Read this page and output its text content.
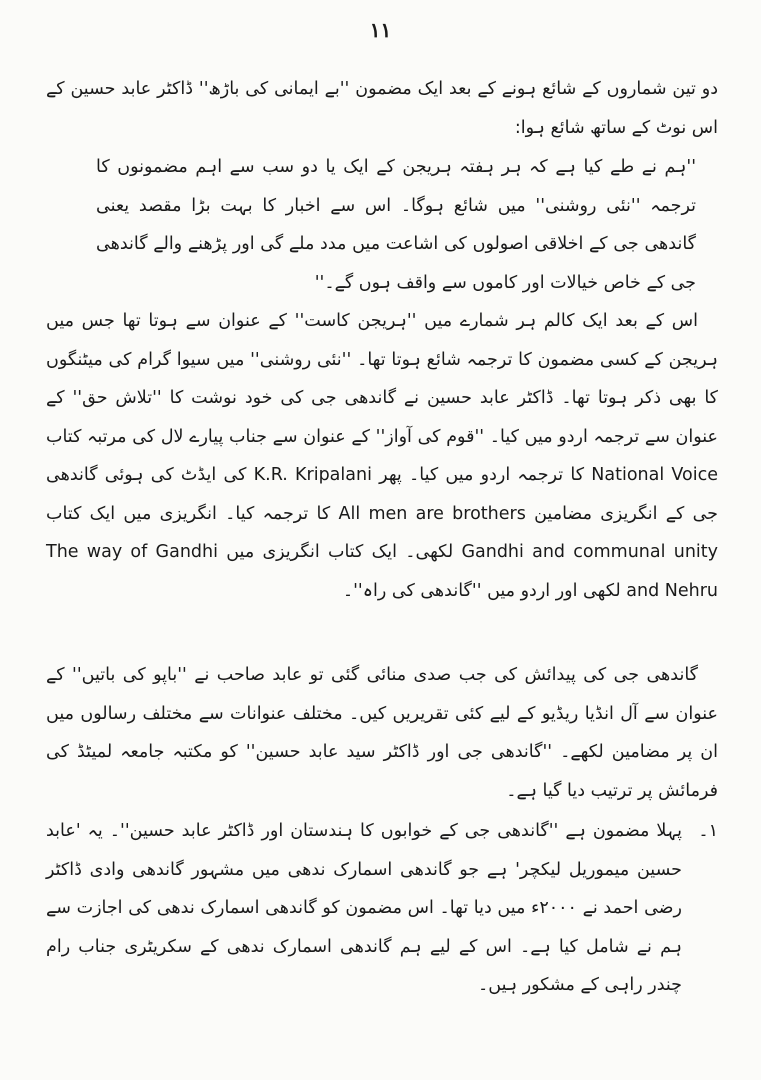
۱۱

دو تین شماروں کے شائع ہونے کے بعد ایک مضمون ''بے ایمانی کی باڑھ'' ڈاکٹر عابد حسین کے اس نوٹ کے ساتھ شائع ہوا:

''ہم نے طے کیا ہے کہ ہر ہفتہ ہریجن کے ایک یا دو سب سے اہم مضمونوں کا ترجمہ ''نئی روشنی'' میں شائع ہوگا۔ اس سے اخبار کا بہت بڑا مقصد یعنی گاندھی جی کے اخلاقی اصولوں کی اشاعت میں مدد ملے گی اور پڑھنے والے گاندھی جی کے خاص خیالات اور کاموں سے واقف ہوں گے۔''

اس کے بعد ایک کالم ہر شمارے میں ''ہریجن کاست'' کے عنوان سے ہوتا تھا جس میں ہریجن کے کسی مضمون کا ترجمہ شائع ہوتا تھا۔ ''نئی روشنی'' میں سیوا گرام کی میٹنگوں کا بھی ذکر ہوتا تھا۔ ڈاکٹر عابد حسین نے گاندھی جی کی خود نوشت کا ''تلاش حق'' کے عنوان سے ترجمہ اردو میں کیا۔ ''قوم کی آواز'' کے عنوان سے جناب پیارے لال کی مرتبہ کتاب National Voice کا ترجمہ اردو میں کیا۔ پھر K.R. Kripalani کی ایڈٹ کی ہوئی گاندھی جی کے انگریزی مضامین All men are brothers کا ترجمہ کیا۔ انگریزی میں ایک کتاب Gandhi and communal unity لکھی۔ ایک کتاب انگریزی میں The way of Gandhi and Nehru لکھی اور اردو میں ''گاندھی کی راہ''۔

گاندھی جی کی پیدائش کی جب صدی منائی گئی تو عابد صاحب نے ''باپو کی باتیں'' کے عنوان سے آل انڈیا ریڈیو کے لیے کئی تقریریں کیں۔ مختلف عنوانات سے مختلف رسالوں میں ان پر مضامین لکھے۔ ''گاندھی جی اور ڈاکٹر سید عابد حسین'' کو مکتبہ جامعہ لمیٹڈ کی فرمائش پر ترتیب دیا گیا ہے۔

۱۔

پہلا مضمون ہے ''گاندھی جی کے خوابوں کا ہندستان اور ڈاکٹر عابد حسین''۔ یہ 'عابد حسین میموریل لیکچر' ہے جو گاندھی اسمارک ندھی میں مشہور گاندھی وادی ڈاکٹر رضی احمد نے ۲۰۰۰ء میں دیا تھا۔ اس مضمون کو گاندھی اسمارک ندھی کی اجازت سے ہم نے شامل کیا ہے۔ اس کے لیے ہم گاندھی اسمارک ندھی کے سکریٹری جناب رام چندر راہی کے مشکور ہیں۔
